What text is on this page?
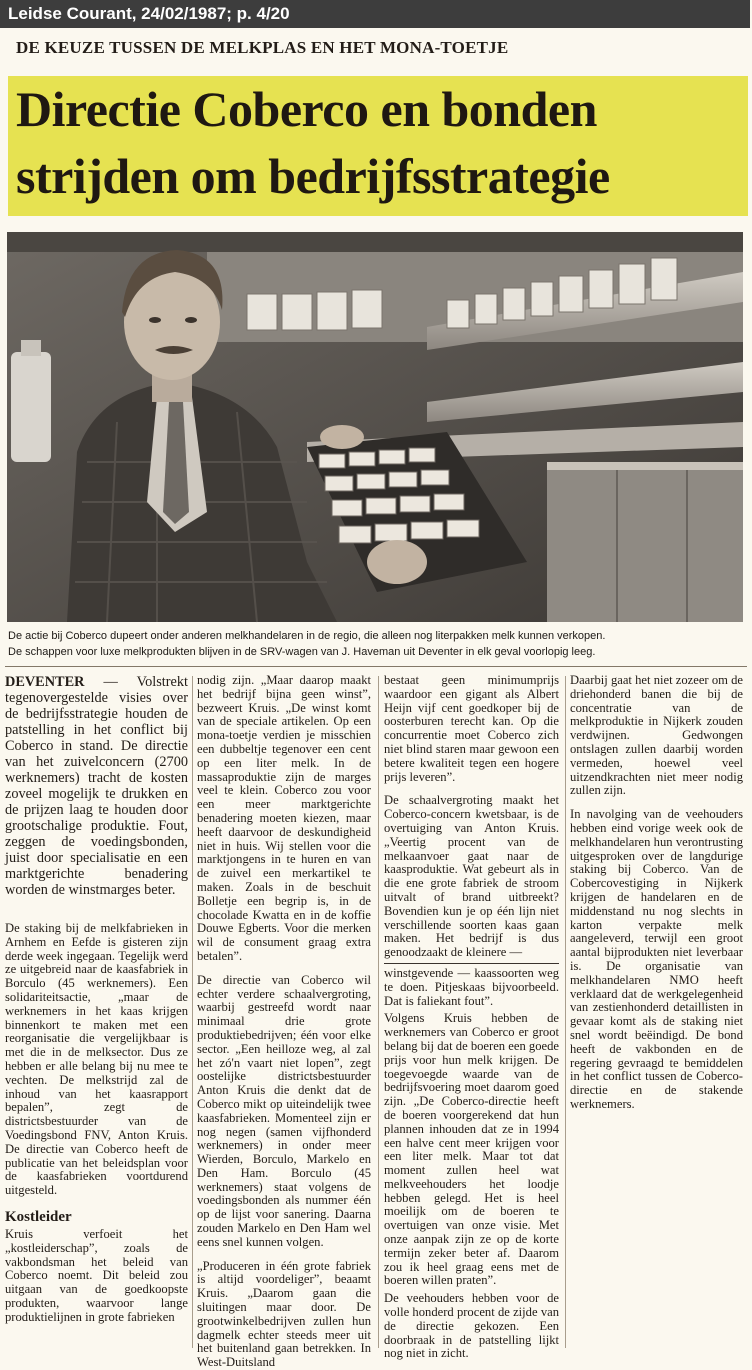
Leidse Courant, 24/02/1987; p. 4/20
DE KEUZE TUSSEN DE MELKPLAS EN HET MONA-TOETJE
Directie Coberco en bonden
strijden om bedrijfsstrategie
De actie bij Coberco dupeert onder anderen melkhandelaren in de regio, die alleen nog literpakken melk kunnen verkopen.
De schappen voor luxe melkprodukten blijven in de SRV-wagen van J. Haveman uit Deventer in elk geval voorlopig leeg.

DEVENTER — Volstrekt tegenovergestelde visies over de bedrijfsstrategie houden de patstelling in het conflict bij Coberco in stand. De directie van het zuivelconcern (2700 werknemers) tracht de kosten zoveel mogelijk te drukken en de prijzen laag te houden door grootschalige produktie. Fout, zeggen de voedingsbonden, juist door specialisatie en een marktgerichte benadering worden de winstmarges beter.

De staking bij de melkfabrieken in Arnhem en Eefde is gisteren zijn derde week ingegaan. Tegelijk werd ze uitgebreid naar de kaasfabriek in Borculo (45 werknemers). Een solidariteitsactie, „maar de werknemers in het kaas krijgen binnenkort te maken met een reorganisatie die vergelijkbaar is met die in de melksector. Dus ze hebben er alle belang bij nu mee te vechten. De melkstrijd zal de inhoud van het kaasrapport bepalen”, zegt de districtsbestuurder van de Voedingsbond FNV, Anton Kruis. De directie van Coberco heeft de publicatie van het beleidsplan voor de kaasfabrieken voortdurend uitgesteld.

Kostleider

Kruis verfoeit het „kostleiderschap”, zoals de vakbondsman het beleid van Coberco noemt. Dit beleid zou uitgaan van de goedkoopste produkten, waarvoor lange produktielijnen in grote fabrieken

nodig zijn. „Maar daarop maakt het bedrijf bijna geen winst”, bezweert Kruis. „De winst komt van de speciale artikelen. Op een mona-toetje verdien je misschien een dubbeltje tegenover een cent op een liter melk. In de massaproduktie zijn de marges veel te klein. Coberco zou voor een meer marktgerichte benadering moeten kiezen, maar heeft daarvoor de deskundigheid niet in huis. Wij stellen voor die marktjongens in te huren en van de zuivel een merkartikel te maken. Zoals in de beschuit Bolletje een begrip is, in de chocolade Kwatta en in de koffie Douwe Egberts. Voor die merken wil de consument graag extra betalen”.

De directie van Coberco wil echter verdere schaalvergroting, waarbij gestreefd wordt naar minimaal drie grote produktiebedrijven; één voor elke sector. „Een heilloze weg, al zal het zó'n vaart niet lopen”, zegt oostelijke districtsbestuurder Anton Kruis die denkt dat de Coberco mikt op uiteindelijk twee kaasfabrieken. Momenteel zijn er nog negen (samen vijfhonderd werknemers) in onder meer Wierden, Borculo, Markelo en Den Ham. Borculo (45 werknemers) staat volgens de voedingsbonden als nummer één op de lijst voor sanering. Daarna zouden Markelo en Den Ham wel eens snel kunnen volgen.

„Produceren in één grote fabriek is altijd voordeliger”, beaamt Kruis. „Daarom gaan die sluitingen maar door. De grootwinkelbedrijven zullen hun dagmelk echter steeds meer uit het buitenland gaan betrekken. In West-Duitsland

bestaat geen minimumprijs waardoor een gigant als Albert Heijn vijf cent goedkoper bij de oosterburen terecht kan. Op die concurrentie moet Coberco zich niet blind staren maar gewoon een betere kwaliteit tegen een hogere prijs leveren”.

De schaalvergroting maakt het Coberco-concern kwetsbaar, is de overtuiging van Anton Kruis. „Veertig procent van de melkaanvoer gaat naar de kaasproduktie. Wat gebeurt als in die ene grote fabriek de stroom uitvalt of brand uitbreekt? Bovendien kun je op één lijn niet verschillende soorten kaas gaan maken. Het bedrijf is dus genoodzaakt de kleinere —

winstgevende — kaassoorten weg te doen. Pitjeskaas bijvoorbeeld. Dat is faliekant fout”.

Volgens Kruis hebben de werknemers van Coberco er groot belang bij dat de boeren een goede prijs voor hun melk krijgen. De toegevoegde waarde van de bedrijfsvoering moet daarom goed zijn. „De Coberco-directie heeft de boeren voorgerekend dat hun plannen inhouden dat ze in 1994 een halve cent meer krijgen voor een liter melk. Maar tot dat moment zullen heel wat melkveehouders het loodje hebben gelegd. Het is heel moeilijk om de boeren te overtuigen van onze visie. Met onze aanpak zijn ze op de korte termijn zeker beter af. Daarom zou ik heel graag eens met de boeren willen praten”.

De veehouders hebben voor de volle honderd procent de zijde van de directie gekozen. Een doorbraak in de patstelling lijkt nog niet in zicht.

Daarbij gaat het niet zozeer om de driehonderd banen die bij de concentratie van de melkproduktie in Nijkerk zouden verdwijnen. Gedwongen ontslagen zullen daarbij worden vermeden, hoewel veel uitzendkrachten niet meer nodig zullen zijn.

In navolging van de veehouders hebben eind vorige week ook de melkhandelaren hun verontrusting uitgesproken over de langdurige staking bij Coberco. Van de Cobercovestiging in Nijkerk krijgen de handelaren en de middenstand nu nog slechts in karton verpakte melk aangeleverd, terwijl een groot aantal bijprodukten niet leverbaar is. De organisatie van melkhandelaren NMO heeft verklaard dat de werkgelegenheid van zestienhonderd detaillisten in gevaar komt als de staking niet snel wordt beëindigd. De bond heeft de vakbonden en de regering gevraagd te bemiddelen in het conflict tussen de Coberco-directie en de stakende werknemers.
